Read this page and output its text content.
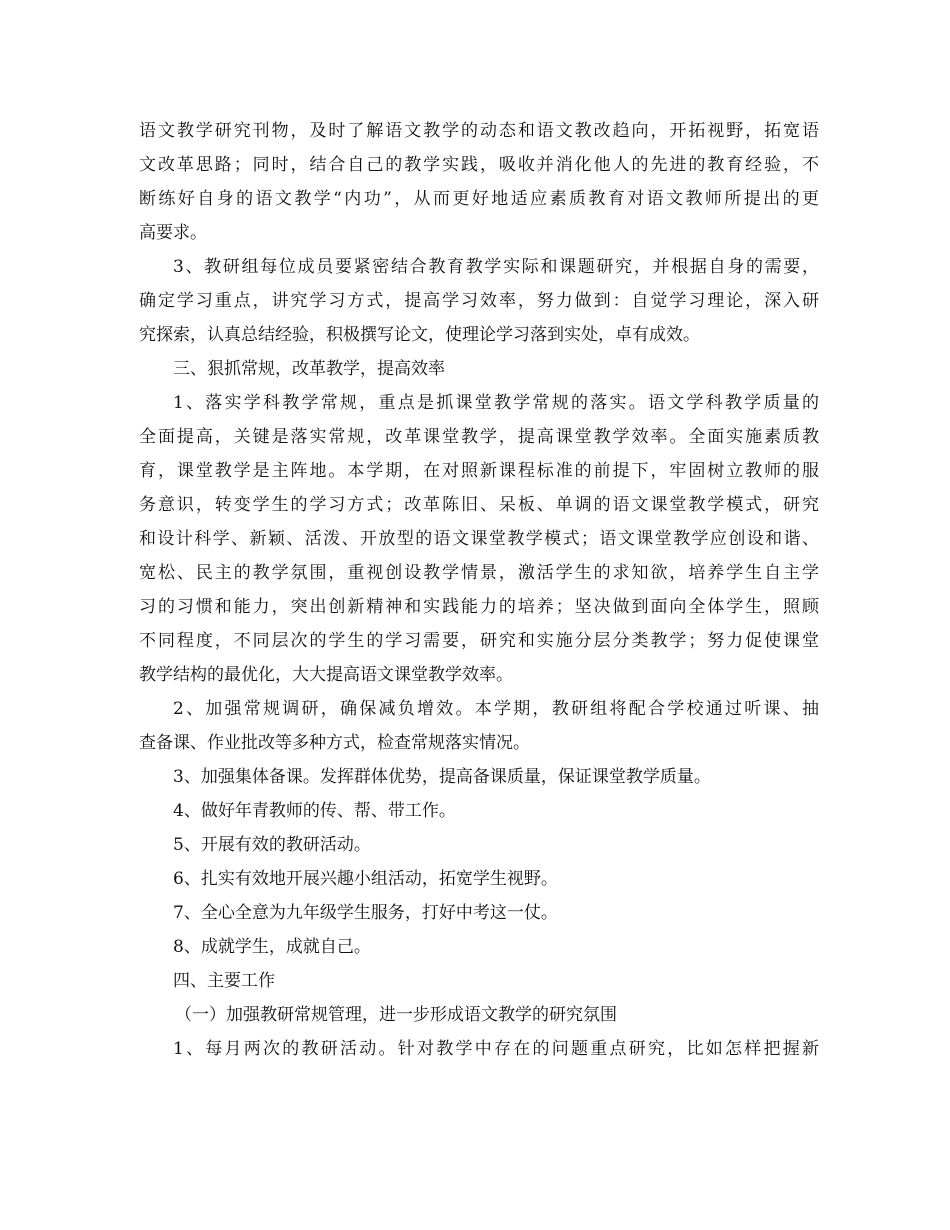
语文教学研究刊物，及时了解语文教学的动态和语文教改趋向，开拓视野，拓宽语
文改革思路；同时，结合自己的教学实践，吸收并消化他人的先进的教育经验，不
断练好自身的语文教学“内功”，从而更好地适应素质教育对语文教师所提出的更
高要求。
3、教研组每位成员要紧密结合教育教学实际和课题研究，并根据自身的需要，
确定学习重点，讲究学习方式，提高学习效率，努力做到：自觉学习理论，深入研
究探索，认真总结经验，积极撰写论文，使理论学习落到实处，卓有成效。
三、狠抓常规，改革教学，提高效率
1、落实学科教学常规，重点是抓课堂教学常规的落实。语文学科教学质量的
全面提高，关键是落实常规，改革课堂教学，提高课堂教学效率。全面实施素质教
育，课堂教学是主阵地。本学期，在对照新课程标准的前提下，牢固树立教师的服
务意识，转变学生的学习方式；改革陈旧、呆板、单调的语文课堂教学模式，研究
和设计科学、新颖、活泼、开放型的语文课堂教学模式；语文课堂教学应创设和谐、
宽松、民主的教学氛围，重视创设教学情景，激活学生的求知欲，培养学生自主学
习的习惯和能力，突出创新精神和实践能力的培养；坚决做到面向全体学生，照顾
不同程度，不同层次的学生的学习需要，研究和实施分层分类教学；努力促使课堂
教学结构的最优化，大大提高语文课堂教学效率。
2、加强常规调研，确保减负增效。本学期，教研组将配合学校通过听课、抽
查备课、作业批改等多种方式，检查常规落实情况。
3、加强集体备课。发挥群体优势，提高备课质量，保证课堂教学质量。
4、做好年青教师的传、帮、带工作。
5、开展有效的教研活动。
6、扎实有效地开展兴趣小组活动，拓宽学生视野。
7、全心全意为九年级学生服务，打好中考这一仗。
8、成就学生，成就自己。
四、主要工作
（一）加强教研常规管理，进一步形成语文教学的研究氛围
1、每月两次的教研活动。针对教学中存在的问题重点研究，比如怎样把握新
